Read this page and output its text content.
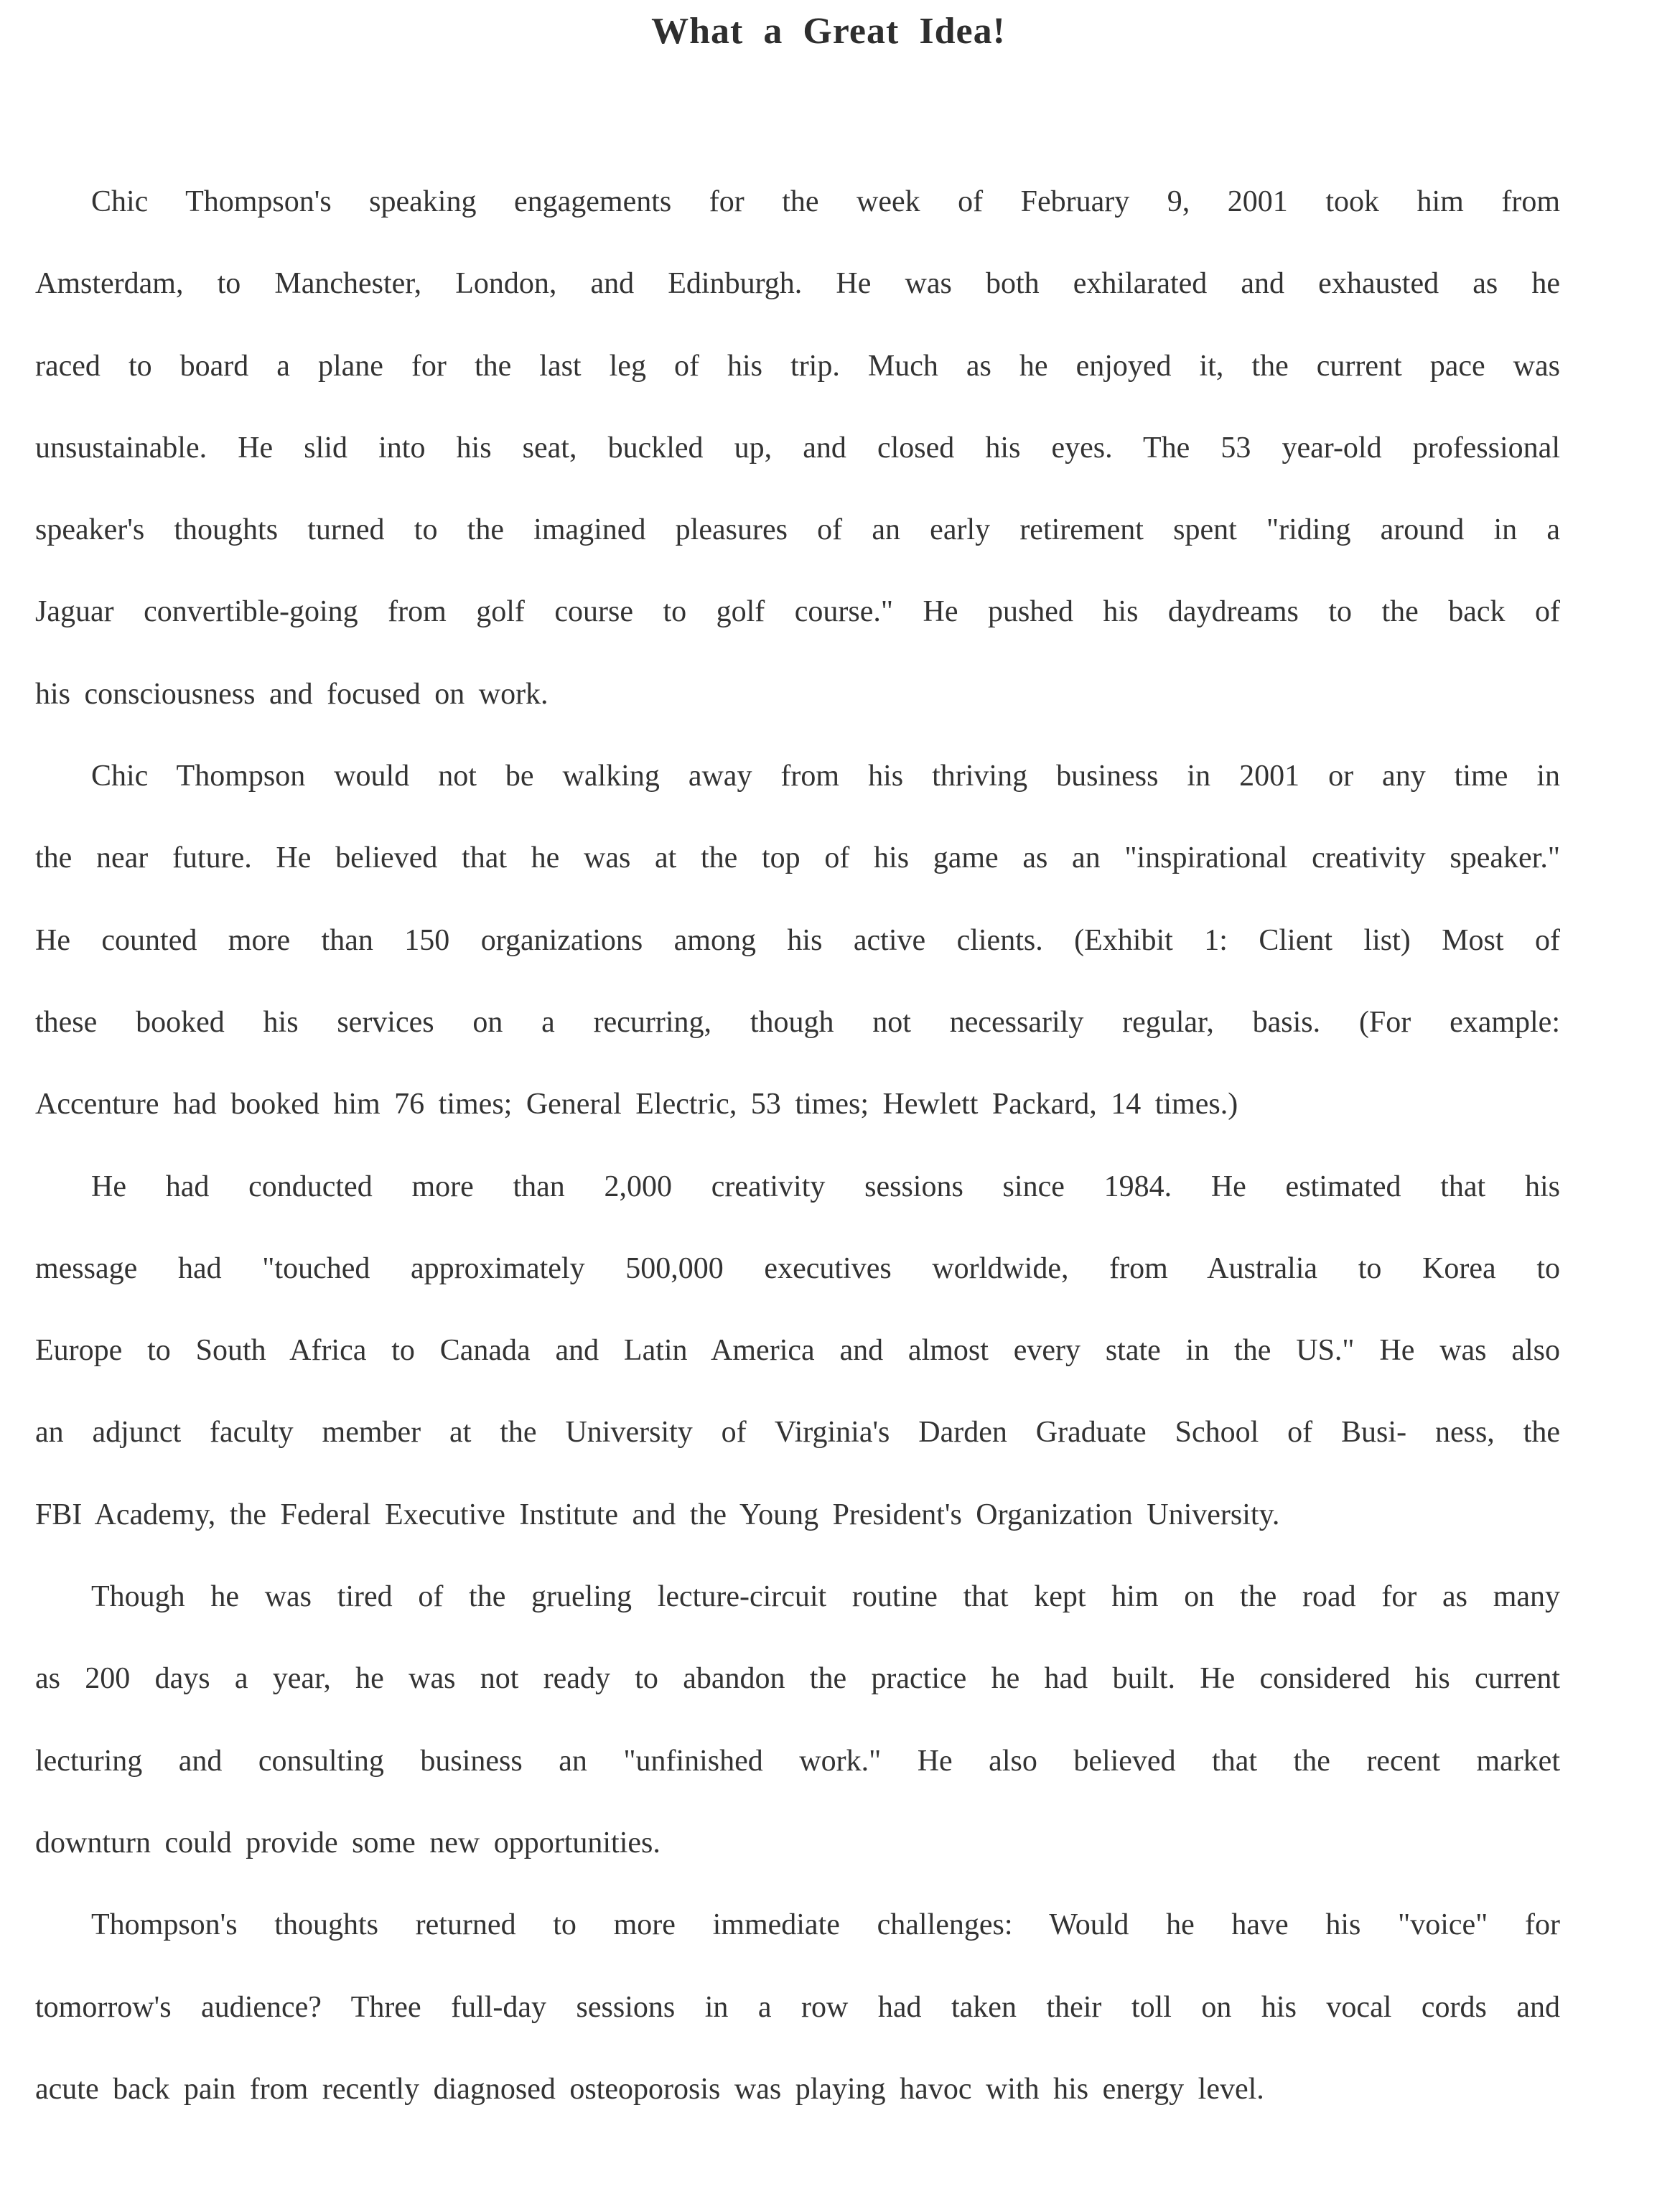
What a Great Idea!
Chic Thompson's speaking engagements for the week of February 9, 2001 took him from
Amsterdam, to Manchester, London, and Edinburgh. He was both exhilarated and exhausted as he
raced to board a plane for the last leg of his trip. Much as he enjoyed it, the current pace was
unsustainable. He slid into his seat, buckled up, and closed his eyes. The 53 year-old professional
speaker's thoughts turned to the imagined pleasures of an early retirement spent "riding around in a
Jaguar convertible-going from golf course to golf course." He pushed his daydreams to the back of
his consciousness and focused on work.
Chic Thompson would not be walking away from his thriving business in 2001 or any time in
the near future. He believed that he was at the top of his game as an "inspirational creativity speaker."
He counted more than 150 organizations among his active clients. (Exhibit 1: Client list) Most of
these booked his services on a recurring, though not necessarily regular, basis. (For example:
Accenture had booked him 76 times; General Electric, 53 times; Hewlett Packard, 14 times.)
He had conducted more than 2,000 creativity sessions since 1984. He estimated that his
message had "touched approximately 500,000 executives worldwide, from Australia to Korea to
Europe to South Africa to Canada and Latin America and almost every state in the US." He was also
an adjunct faculty member at the University of Virginia's Darden Graduate School of Busi- ness, the
FBI Academy, the Federal Executive Institute and the Young President's Organization University.
Though he was tired of the grueling lecture-circuit routine that kept him on the road for as many
as 200 days a year, he was not ready to abandon the practice he had built. He considered his current
lecturing and consulting business an "unfinished work." He also believed that the recent market
downturn could provide some new opportunities.
Thompson's thoughts returned to more immediate challenges: Would he have his "voice" for
tomorrow's audience? Three full-day sessions in a row had taken their toll on his vocal cords and
acute back pain from recently diagnosed osteoporosis was playing havoc with his energy level.
